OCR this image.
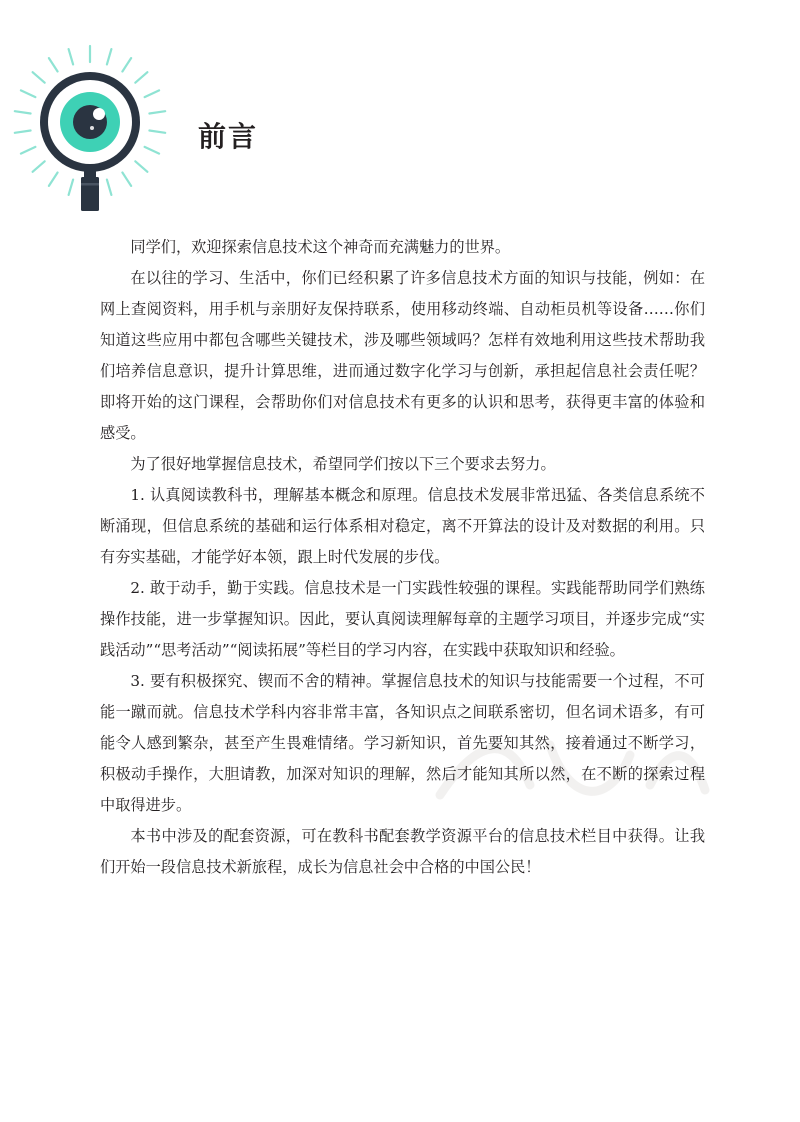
前言

同学们，欢迎探索信息技术这个神奇而充满魅力的世界。

在以往的学习、生活中，你们已经积累了许多信息技术方面的知识与技能，例如：在网上查阅资料，用手机与亲朋好友保持联系，使用移动终端、自动柜员机等设备……你们知道这些应用中都包含哪些关键技术，涉及哪些领域吗？怎样有效地利用这些技术帮助我们培养信息意识，提升计算思维，进而通过数字化学习与创新，承担起信息社会责任呢？即将开始的这门课程，会帮助你们对信息技术有更多的认识和思考，获得更丰富的体验和感受。

为了很好地掌握信息技术，希望同学们按以下三个要求去努力。

1. 认真阅读教科书，理解基本概念和原理。信息技术发展非常迅猛、各类信息系统不断涌现，但信息系统的基础和运行体系相对稳定，离不开算法的设计及对数据的利用。只有夯实基础，才能学好本领，跟上时代发展的步伐。

2. 敢于动手，勤于实践。信息技术是一门实践性较强的课程。实践能帮助同学们熟练操作技能，进一步掌握知识。因此，要认真阅读理解每章的主题学习项目，并逐步完成“实践活动”“思考活动”“阅读拓展”等栏目的学习内容，在实践中获取知识和经验。

3. 要有积极探究、锲而不舍的精神。掌握信息技术的知识与技能需要一个过程，不可能一蹴而就。信息技术学科内容非常丰富，各知识点之间联系密切，但名词术语多，有可能令人感到繁杂，甚至产生畏难情绪。学习新知识，首先要知其然，接着通过不断学习，积极动手操作，大胆请教，加深对知识的理解，然后才能知其所以然，在不断的探索过程中取得进步。

本书中涉及的配套资源，可在教科书配套教学资源平台的信息技术栏目中获得。让我们开始一段信息技术新旅程，成长为信息社会中合格的中国公民！
